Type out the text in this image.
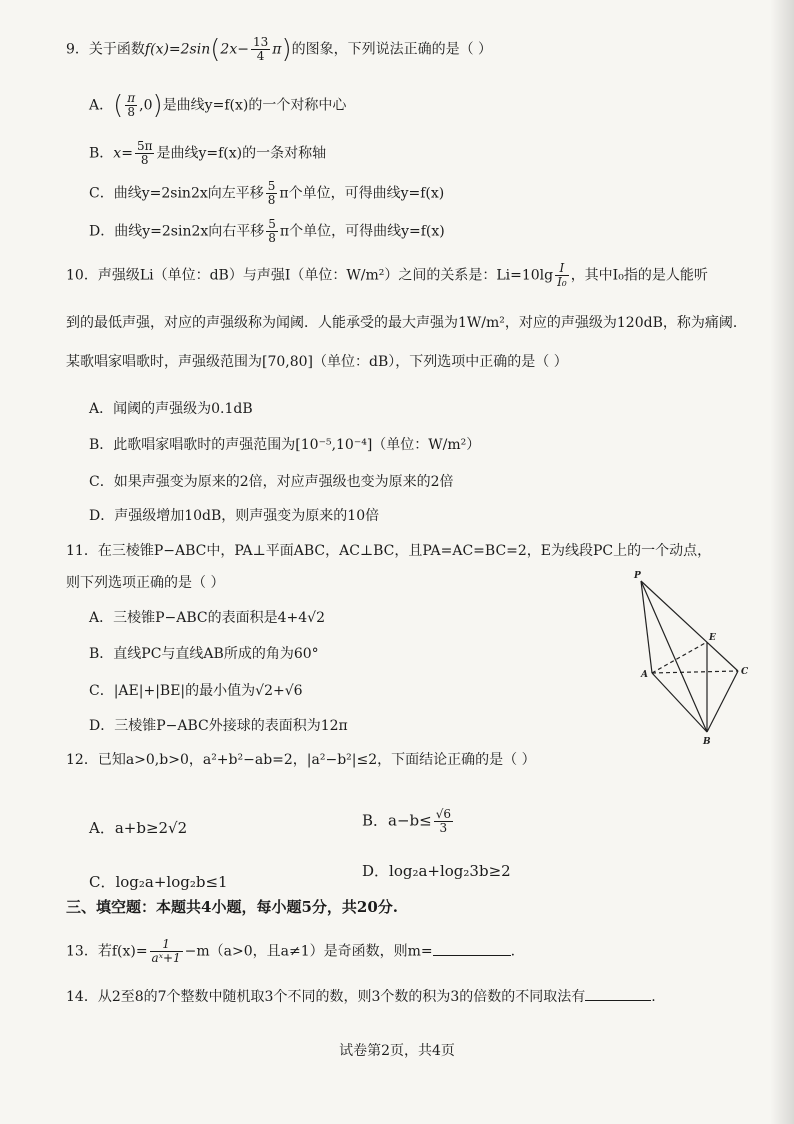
9．关于函数$f(x)=2\sin(2x- \frac{13}{4} \pi)$的图象，下列说法正确的是（ ）
A．( $\frac{\pi}{8} ,0$)是曲线y=f(x)的一个对称中心
B．$x= \frac{5\pi}{8}$ 是曲线y=f(x)的一条对称轴
C．曲线y=2sin2x向左平移 $\frac{5}{8}$ π个单位，可得曲线y=f(x)
D．曲线y=2sin2x向右平移 $\frac{5}{8}$ π个单位，可得曲线y=f(x)
10．声强级Li（单位：dB）与声强I（单位：W/m²）之间的关系是：$Li=10\lg \frac{I}{\text{I₀}}$ ，其中I₀指的是人能听
到的最低声强，对应的声强级称为闻阈．人能承受的最大声强为1W/m²，对应的声强级为120dB，称为痛阈．
某歌唱家唱歌时，声强级范围为[70,80]（单位：dB），下列选项中正确的是（ ）
A．闻阈的声强级为0.1dB
B．此歌唱家唱歌时的声强范围为[10⁻⁵,10⁻⁴]（单位：W/m²）
C．如果声强变为原来的2倍，对应声强级也变为原来的2倍
D．声强级增加10dB，则声强变为原来的10倍
11．在三棱锥P−ABC中，PA⊥平面ABC，AC⊥BC，且PA=AC=BC=2，E为线段PC上的一个动点，
则下列选项正确的是（ ）
A．三棱锥P−ABC的表面积是4+4√2
B．直线PC与直线AB所成的角为60°
C．|AE|+|BE|的最小值为√2+√6
D．三棱锥P−ABC外接球的表面积为12π
P
E
A	C
B
12．已知a>0,b>0，a²+b²−ab=2，|a²−b²|≤2，下面结论正确的是（ ）
A．a+b≥2√2	B．$a-b\le \frac{√6}{3}$
C．log₂a+log₂b≤1
D．log₂a+log₂3b≥2
三、填空题：本题共4小题，每小题5分，共20分.
13．若$f(x)= \frac{1}{\text{aˣ+1}} -m(a>0$，且a≠1）是奇函数，则m=	.
14．从2至8的7个整数中随机取3个不同的数，则3个数的积为3的倍数的不同取法有	.
试卷第2页，共4页
